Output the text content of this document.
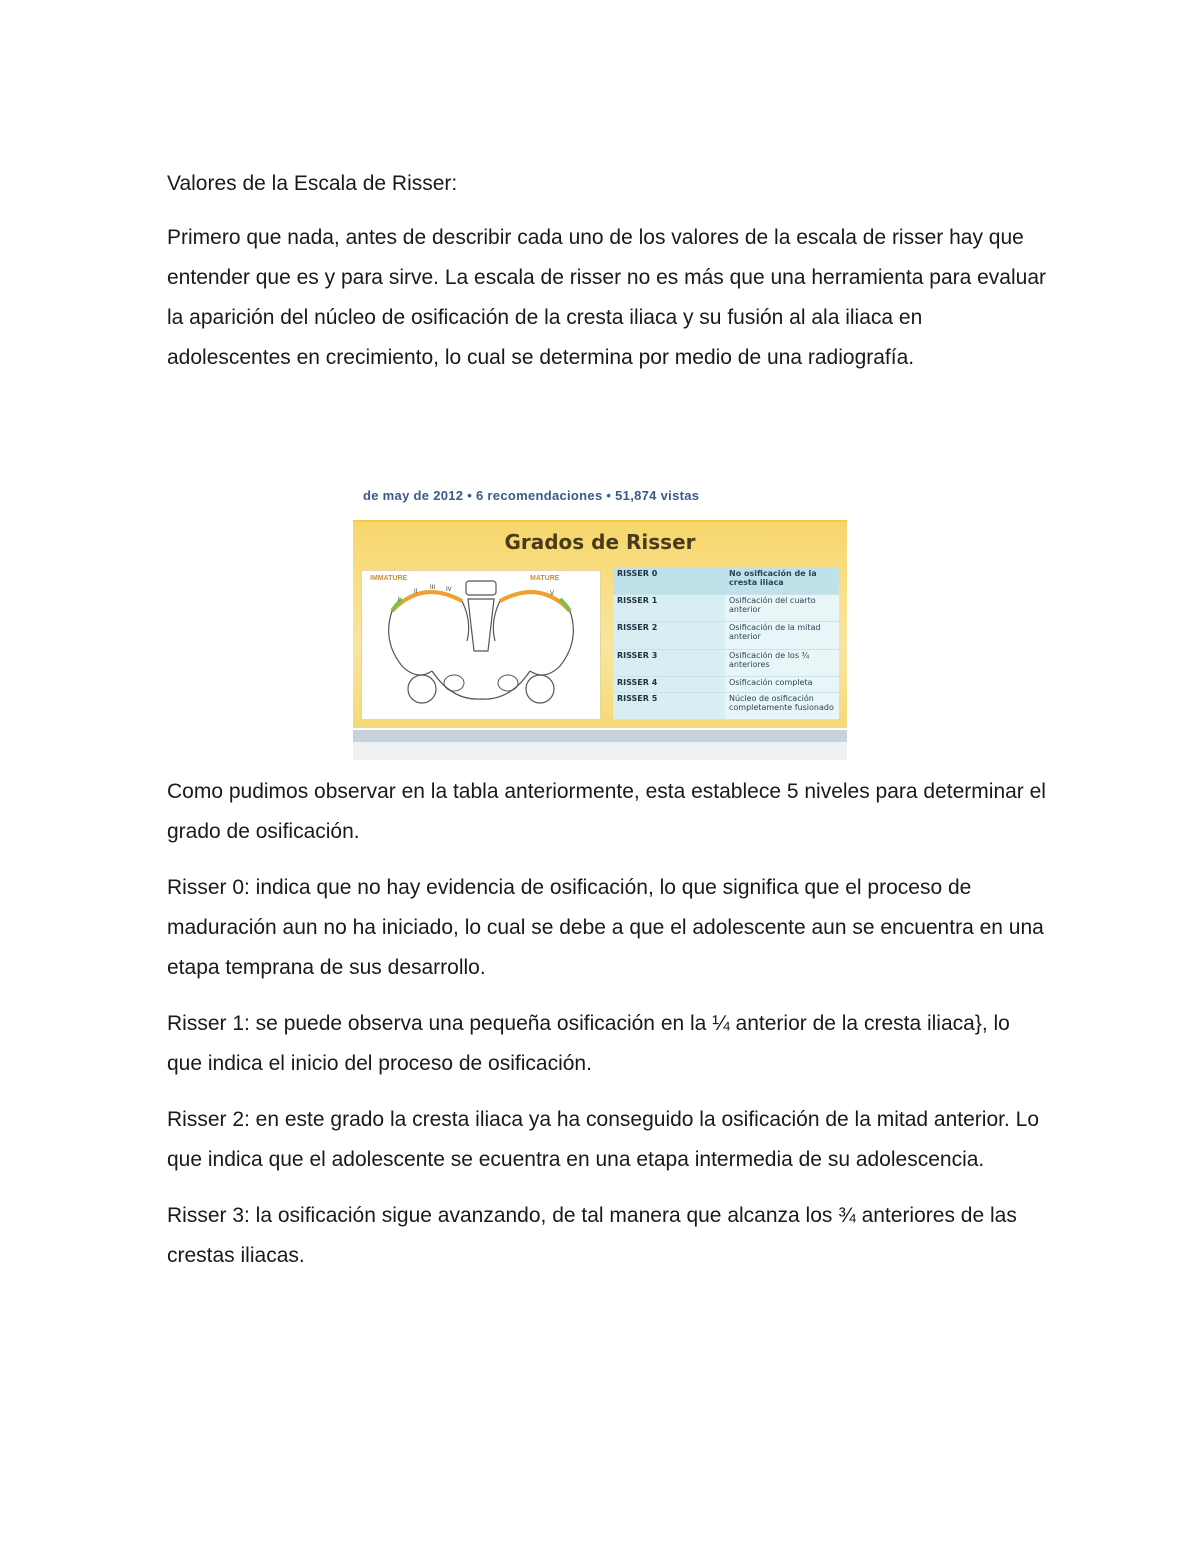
Valores de la Escala de Risser:

Primero que nada, antes de describir cada uno de los valores de la escala de risser hay que entender que es y para sirve. La escala de risser no es más que una herramienta para evaluar la aparición del núcleo de osificación de la cresta iliaca y su fusión al ala iliaca en adolescentes en crecimiento, lo cual se determina por medio de una radiografía.

de may de 2012 • 6 recomendaciones • 51,874 vistas
Grados de Risser
IMMATURE	MATURE
I
II
III IV
V
RISSER 0	No osificación de la cresta iliaca
RISSER 1	Osificación del cuarto anterior
RISSER 2	Osificación de la mitad anterior
RISSER 3	Osificación de los ¾ anteriores
RISSER 4	Osificación completa
RISSER 5	Núcleo de osificación completamente fusionado

Como pudimos observar en la tabla anteriormente, esta establece 5 niveles para determinar el grado de osificación.

Risser 0: indica que no hay evidencia de osificación, lo que significa que el proceso de maduración aun no ha iniciado, lo cual se debe a que el adolescente aun se encuentra en una etapa temprana de sus desarrollo.

Risser 1: se puede observa una pequeña osificación en la ¼ anterior de la cresta iliaca}, lo que indica el inicio del proceso de osificación.

Risser 2: en este grado la cresta iliaca ya ha conseguido la osificación de la mitad anterior. Lo que indica que el adolescente se ecuentra en una etapa intermedia de su adolescencia.

Risser 3: la osificación sigue avanzando, de tal manera que alcanza los ¾ anteriores de las crestas iliacas.
